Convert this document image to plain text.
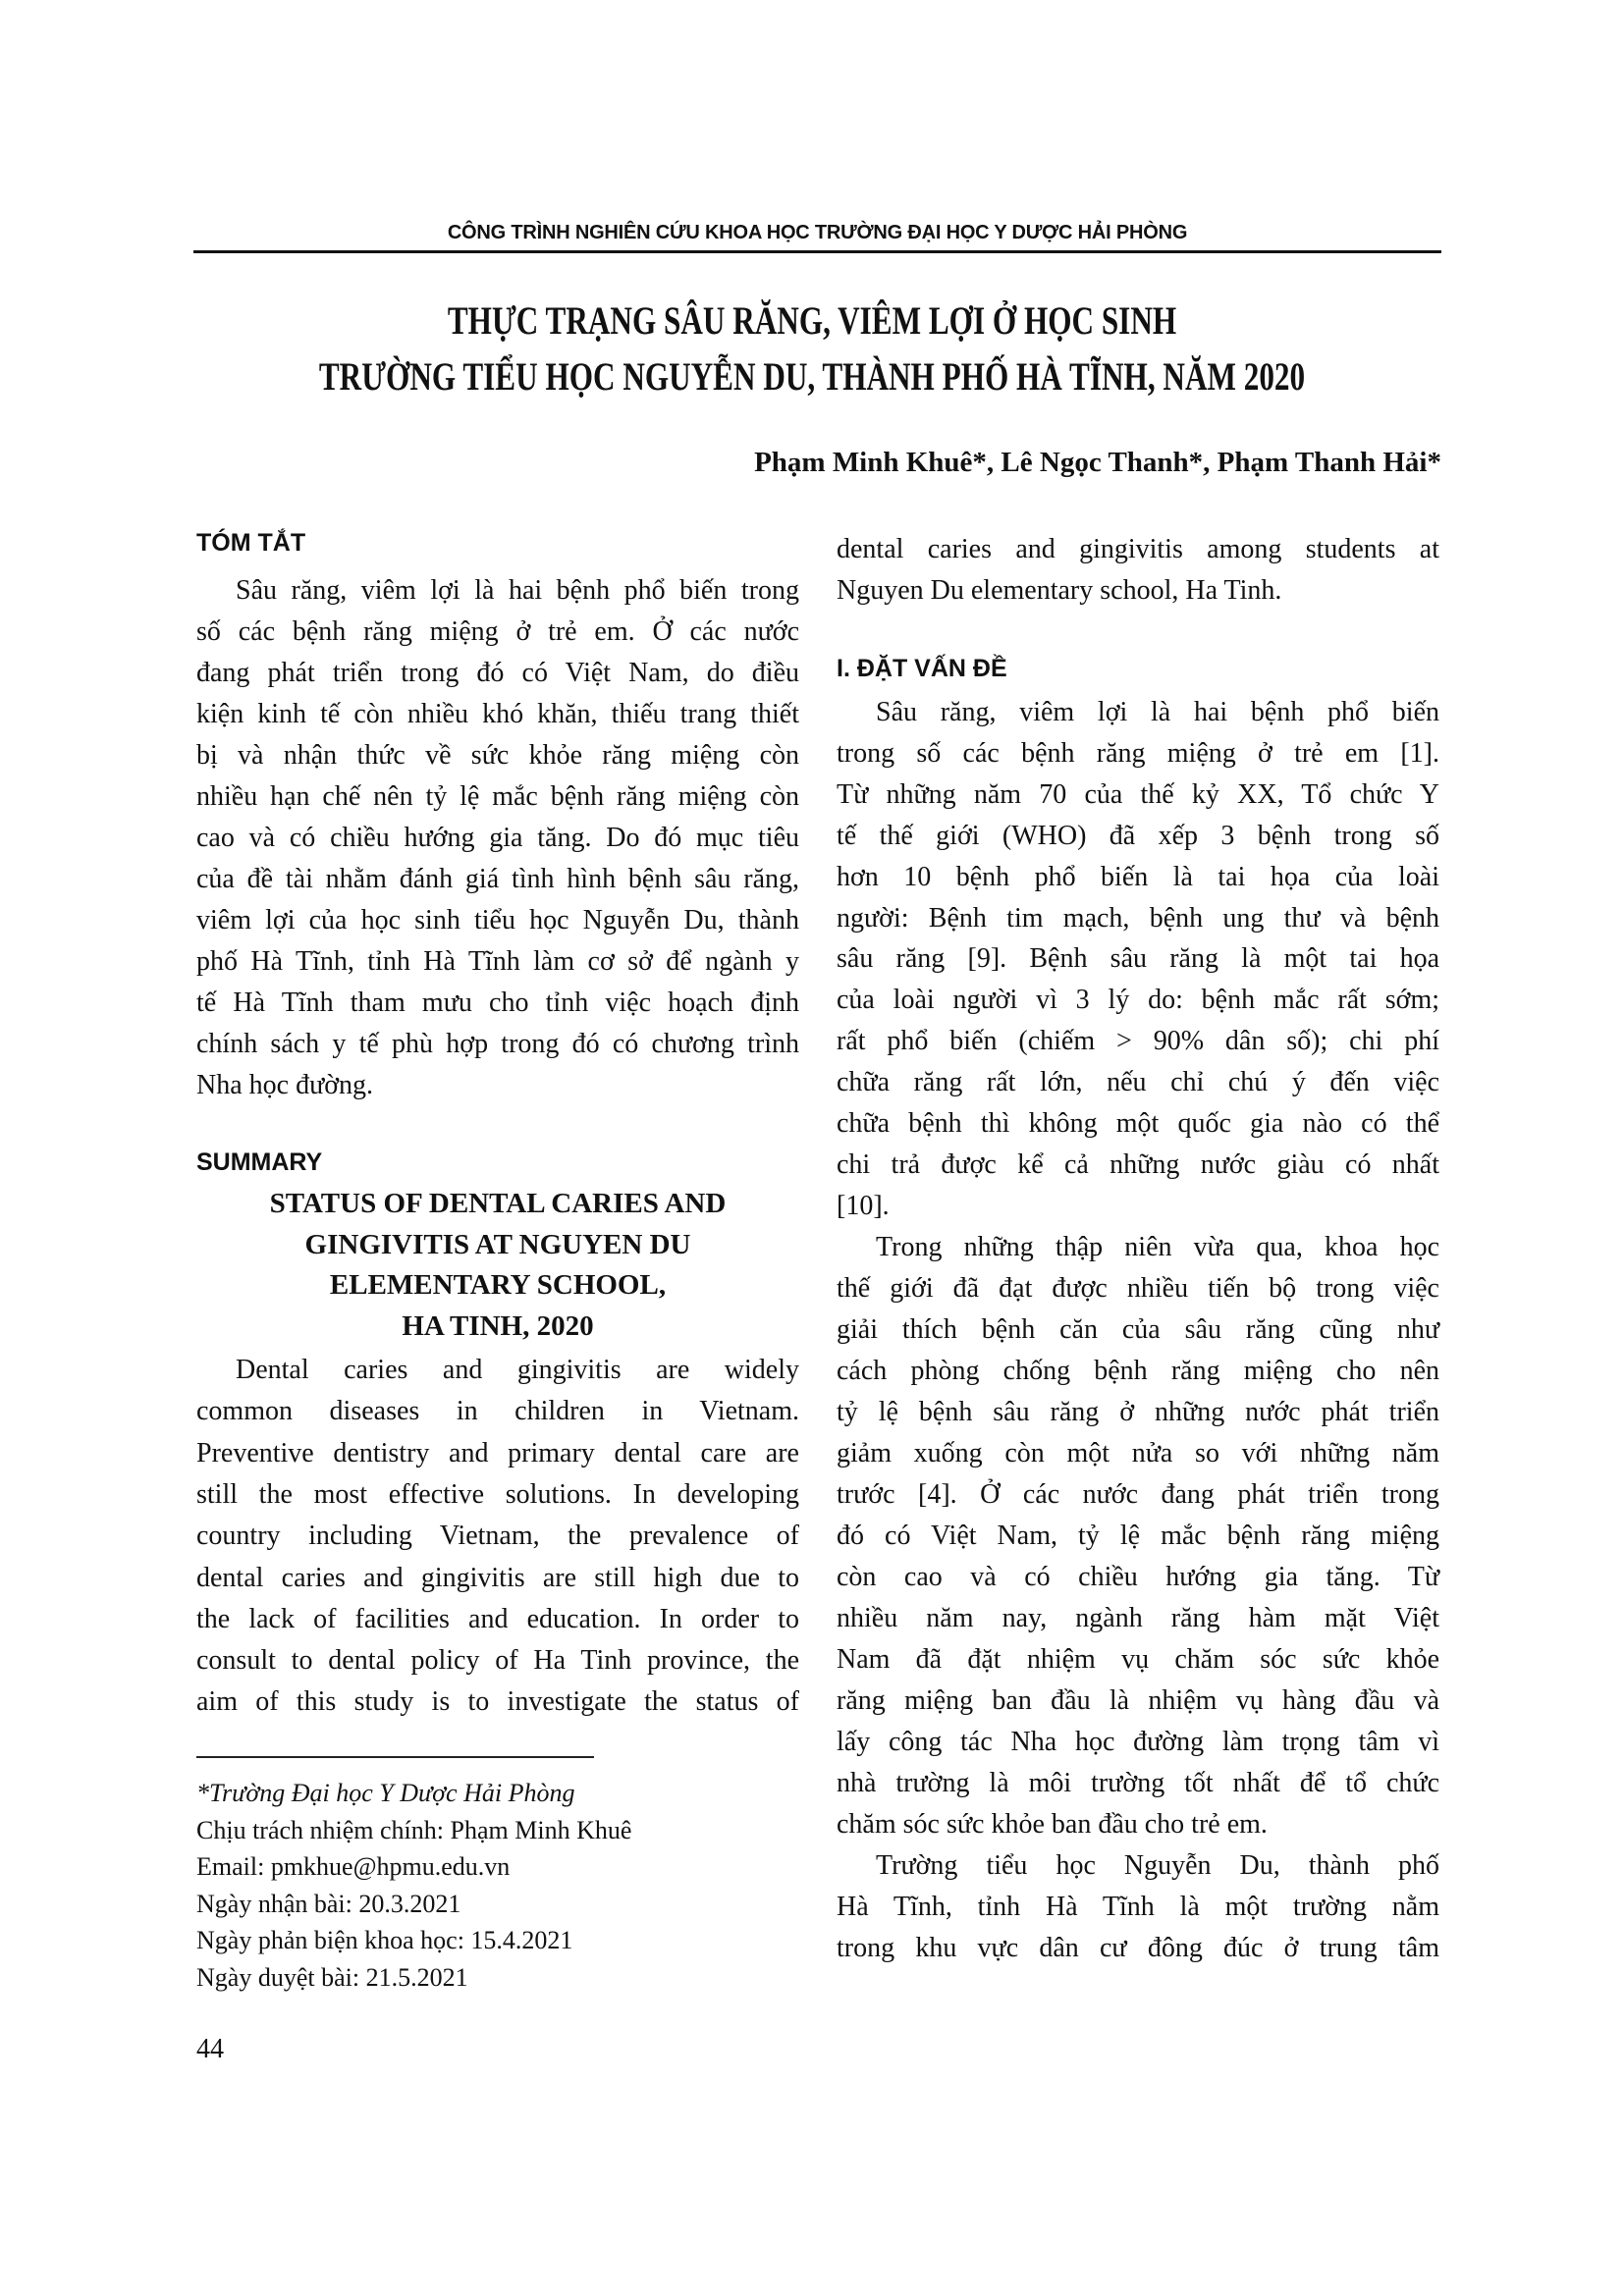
CÔNG TRÌNH NGHIÊN CỨU KHOA HỌC TRƯỜNG ĐẠI HỌC Y DƯỢC HẢI PHÒNG
THỰC TRẠNG SÂU RĂNG, VIÊM LỢI Ở HỌC SINH
TRƯỜNG TIỂU HỌC NGUYỄN DU, THÀNH PHỐ HÀ TĨNH, NĂM 2020
Phạm Minh Khuê*, Lê Ngọc Thanh*, Phạm Thanh Hải*
TÓM TẮT
Sâu răng, viêm lợi là hai bệnh phổ biến trong
số các bệnh răng miệng ở trẻ em. Ở các nước
đang phát triển trong đó có Việt Nam, do điều
kiện kinh tế còn nhiều khó khăn, thiếu trang thiết
bị và nhận thức về sức khỏe răng miệng còn
nhiều hạn chế nên tỷ lệ mắc bệnh răng miệng còn
cao và có chiều hướng gia tăng. Do đó mục tiêu
của đề tài nhằm đánh giá tình hình bệnh sâu răng,
viêm lợi của học sinh tiểu học Nguyễn Du, thành
phố Hà Tĩnh, tỉnh Hà Tĩnh làm cơ sở để ngành y
tế Hà Tĩnh tham mưu cho tỉnh việc hoạch định
chính sách y tế phù hợp trong đó có chương trình
Nha học đường.
SUMMARY
STATUS OF DENTAL CARIES AND
GINGIVITIS AT NGUYEN DU
ELEMENTARY SCHOOL,
HA TINH, 2020
Dental caries and gingivitis are widely
common diseases in children in Vietnam.
Preventive dentistry and primary dental care are
still the most effective solutions. In developing
country including Vietnam, the prevalence of
dental caries and gingivitis are still high due to
the lack of facilities and education. In order to
consult to dental policy of Ha Tinh province, the
aim of this study is to investigate the status of
*Trường Đại học Y Dược Hải Phòng
Chịu trách nhiệm chính: Phạm Minh Khuê
Email: pmkhue@hpmu.edu.vn
Ngày nhận bài: 20.3.2021
Ngày phản biện khoa học: 15.4.2021
Ngày duyệt bài: 21.5.2021
44
dental caries and gingivitis among students at
Nguyen Du elementary school, Ha Tinh.
I. ĐẶT VẤN ĐỀ
Sâu răng, viêm lợi là hai bệnh phổ biến
trong số các bệnh răng miệng ở trẻ em [1].
Từ những năm 70 của thế kỷ XX, Tổ chức Y
tế thế giới (WHO) đã xếp 3 bệnh trong số
hơn 10 bệnh phổ biến là tai họa của loài
người: Bệnh tim mạch, bệnh ung thư và bệnh
sâu răng [9]. Bệnh sâu răng là một tai họa
của loài người vì 3 lý do: bệnh mắc rất sớm;
rất phổ biến (chiếm > 90% dân số); chi phí
chữa răng rất lớn, nếu chỉ chú ý đến việc
chữa bệnh thì không một quốc gia nào có thể
chi trả được kể cả những nước giàu có nhất
[10].
Trong những thập niên vừa qua, khoa học
thế giới đã đạt được nhiều tiến bộ trong việc
giải thích bệnh căn của sâu răng cũng như
cách phòng chống bệnh răng miệng cho nên
tỷ lệ bệnh sâu răng ở những nước phát triển
giảm xuống còn một nửa so với những năm
trước [4]. Ở các nước đang phát triển trong
đó có Việt Nam, tỷ lệ mắc bệnh răng miệng
còn cao và có chiều hướng gia tăng. Từ
nhiều năm nay, ngành răng hàm mặt Việt
Nam đã đặt nhiệm vụ chăm sóc sức khỏe
răng miệng ban đầu là nhiệm vụ hàng đầu và
lấy công tác Nha học đường làm trọng tâm vì
nhà trường là môi trường tốt nhất để tổ chức
chăm sóc sức khỏe ban đầu cho trẻ em.
Trường tiểu học Nguyễn Du, thành phố
Hà Tĩnh, tỉnh Hà Tĩnh là một trường nằm
trong khu vực dân cư đông đúc ở trung tâm
